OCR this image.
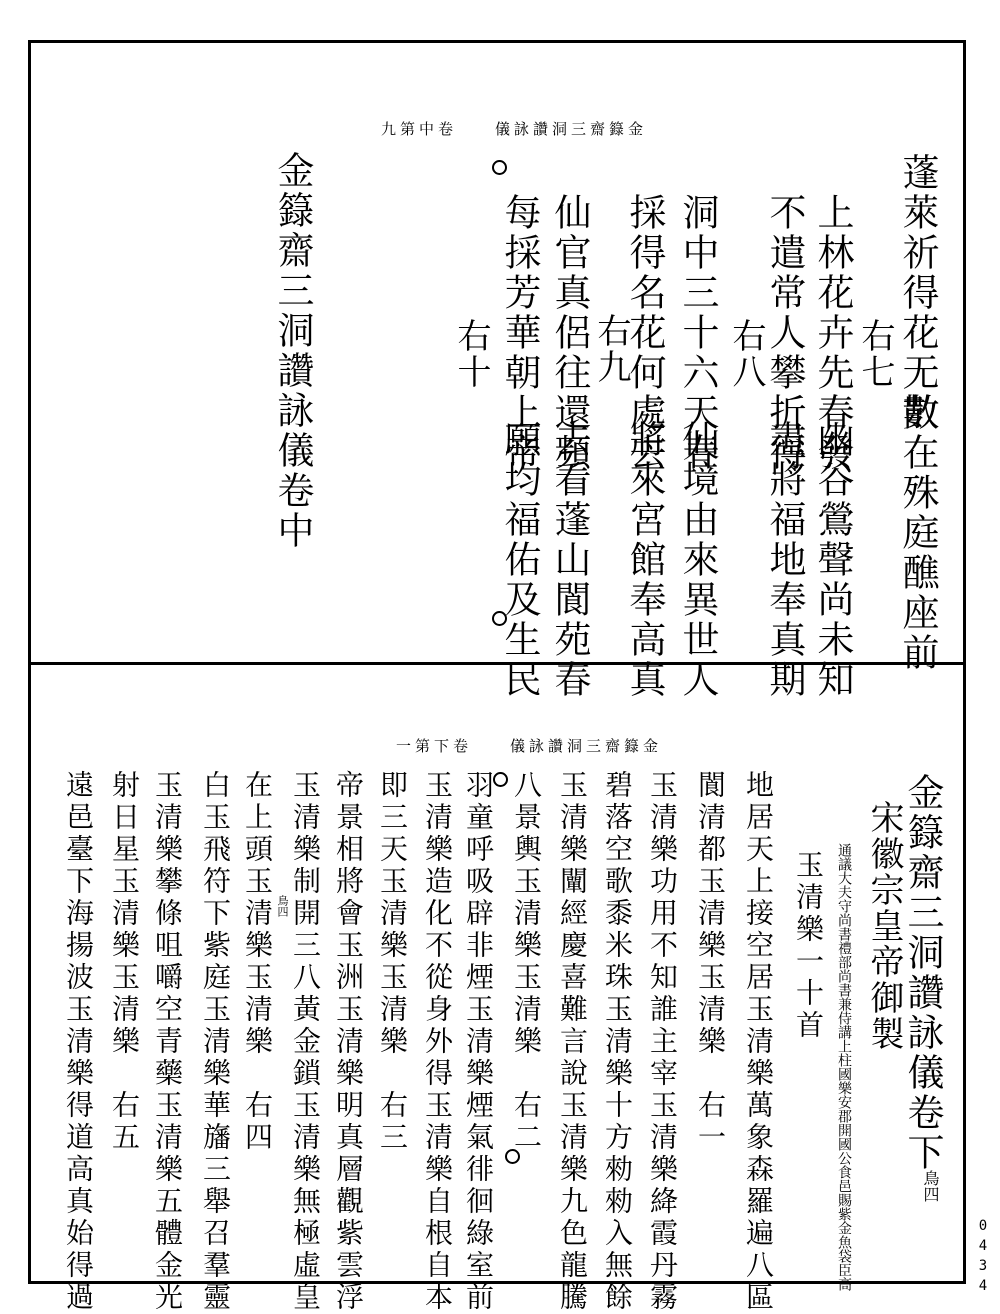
九第中卷　　儀詠讚洞三齋籙金
蓬萊祈得花无數
散在殊庭醮座前
上林花卉先春發
幽谷鶯聲尚未知
右七
不遣常人攀折得
盡將福地奉真期
右八
洞中三十六天春
仙境由來異世人
採得名花何處去
將來宮館奉高真
右九
仙官真侶往還頻
去看蓬山閬苑春
每採芳華朝上帝
願均福佑及生民
右十
金籙齋三洞讚詠儀卷中
一第下卷　　儀詠讚洞三齋籙金
金籙齋三洞讚詠儀卷下
宋徽宗皇帝御製
通議大夫守尚書禮部尚書兼侍講上柱國樂安郡開國公食邑賜紫金魚袋臣高
玉清樂一十首
地居天上接空居玉清樂萬象森羅遍八區
閬清都玉清樂玉清樂　右一
玉清樂功用不知誰主宰玉清樂絳霞丹霧
碧落空歌黍米珠玉清樂十方勑勑入無餘
玉清樂闡經慶喜難言說玉清樂九色龍騰
八景輿玉清樂玉清樂　右二
羽童呼吸辟非煙玉清樂煙氣徘徊綠室前
玉清樂造化不從身外得玉清樂自根自本
即三天玉清樂玉清樂　右三
帝景相將會玉洲玉清樂明真層觀紫雲浮
玉清樂制開三八黃金鎖玉清樂無極虛皇
在上頭玉清樂玉清樂　右四
白玉飛符下紫庭玉清樂華旛三舉召羣靈
玉清樂攀條咀嚼空青藥玉清樂五體金光
射日星玉清樂玉清樂　右五
遠邑臺下海揚波玉清樂得道高真始得過	鳥四
鳥四
0434
